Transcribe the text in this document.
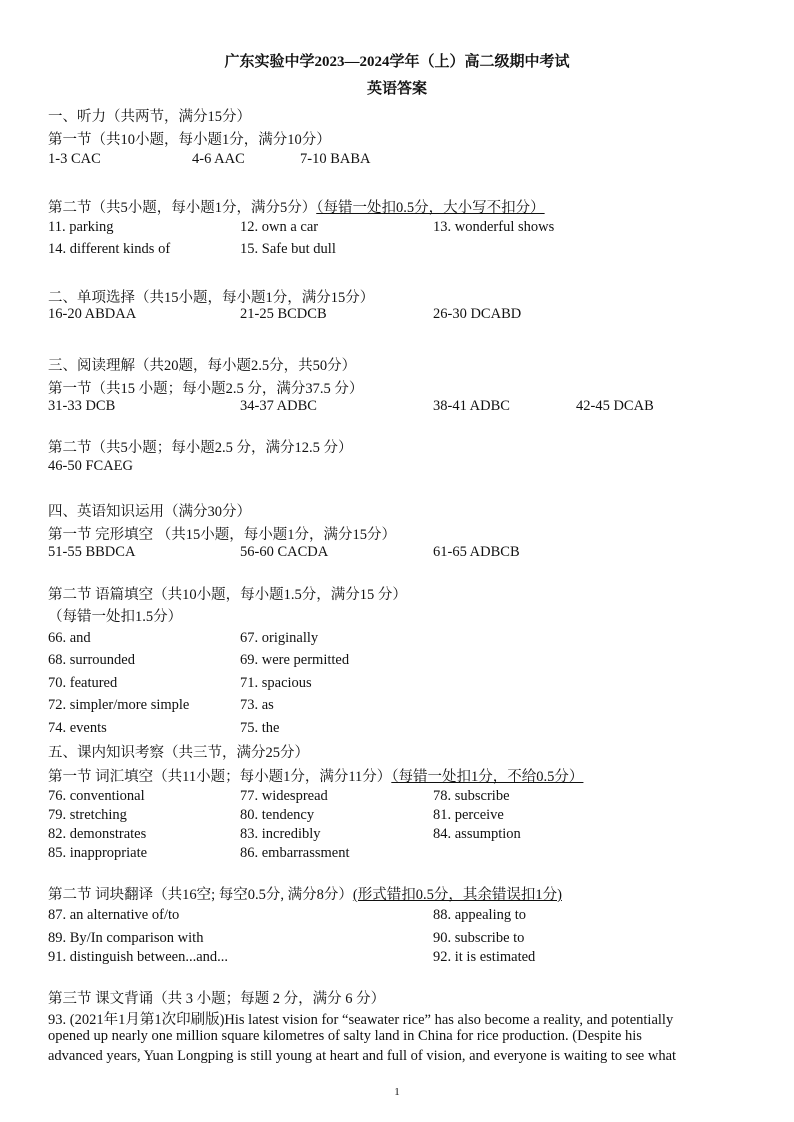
广东实验中学2023—2024学年（上）高二级期中考试
英语答案
一、听力（共两节，满分15分）
第一节（共10小题，每小题1分，满分10分）
1-3 CAC	4-6 AAC	7-10 BABA
第二节（共5小题，每小题1分，满分5分）（每错一处扣0.5分，大小写不扣分）
11. parking	12. own a car	13. wonderful shows
14. different kinds of	15. Safe but dull
二、单项选择（共15小题，每小题1分，满分15分）
16-20 ABDAA	21-25 BCDCB	26-30 DCABD
三、阅读理解（共20题，每小题2.5分，共50分）
第一节（共15 小题；每小题2.5 分，满分37.5 分）
31-33 DCB	34-37 ADBC	38-41 ADBC	42-45 DCAB
第二节（共5小题；每小题2.5 分，满分12.5 分）
46-50 FCAEG
四、英语知识运用（满分30分）
第一节 完形填空 （共15小题，每小题1分，满分15分）
51-55 BBDCA	56-60 CACDA	61-65 ADBCB
第二节 语篇填空（共10小题，每小题1.5分，满分15 分）
（每错一处扣1.5分）
66. and	67. originally
68. surrounded	69. were permitted
70. featured	71. spacious
72. simpler/more simple	73. as
74. events	75. the
五、课内知识考察（共三节，满分25分）
第一节 词汇填空（共11小题；每小题1分，满分11分）（每错一处扣1分，不给0.5分）
76. conventional	77. widespread	78. subscribe
79. stretching	80. tendency	81. perceive
82. demonstrates	83. incredibly	84. assumption
85. inappropriate	86. embarrassment
第二节 词块翻译（共16空; 每空0.5分, 满分8分）(形式错扣0.5分，其余错误扣1分)
87. an alternative of/to	88. appealing to
89. By/In comparison with	90. subscribe to
91. distinguish between...and...	92. it is estimated
第三节 课文背诵（共 3 小题；每题 2 分，满分 6 分）
93. (2021年1月第1次印刷版)His latest vision for “seawater rice” has also become a reality, and potentially
opened up nearly one million square kilometres of salty land in China for rice production. (Despite his
advanced years, Yuan Longping is still young at heart and full of vision, and everyone is waiting to see what
1
